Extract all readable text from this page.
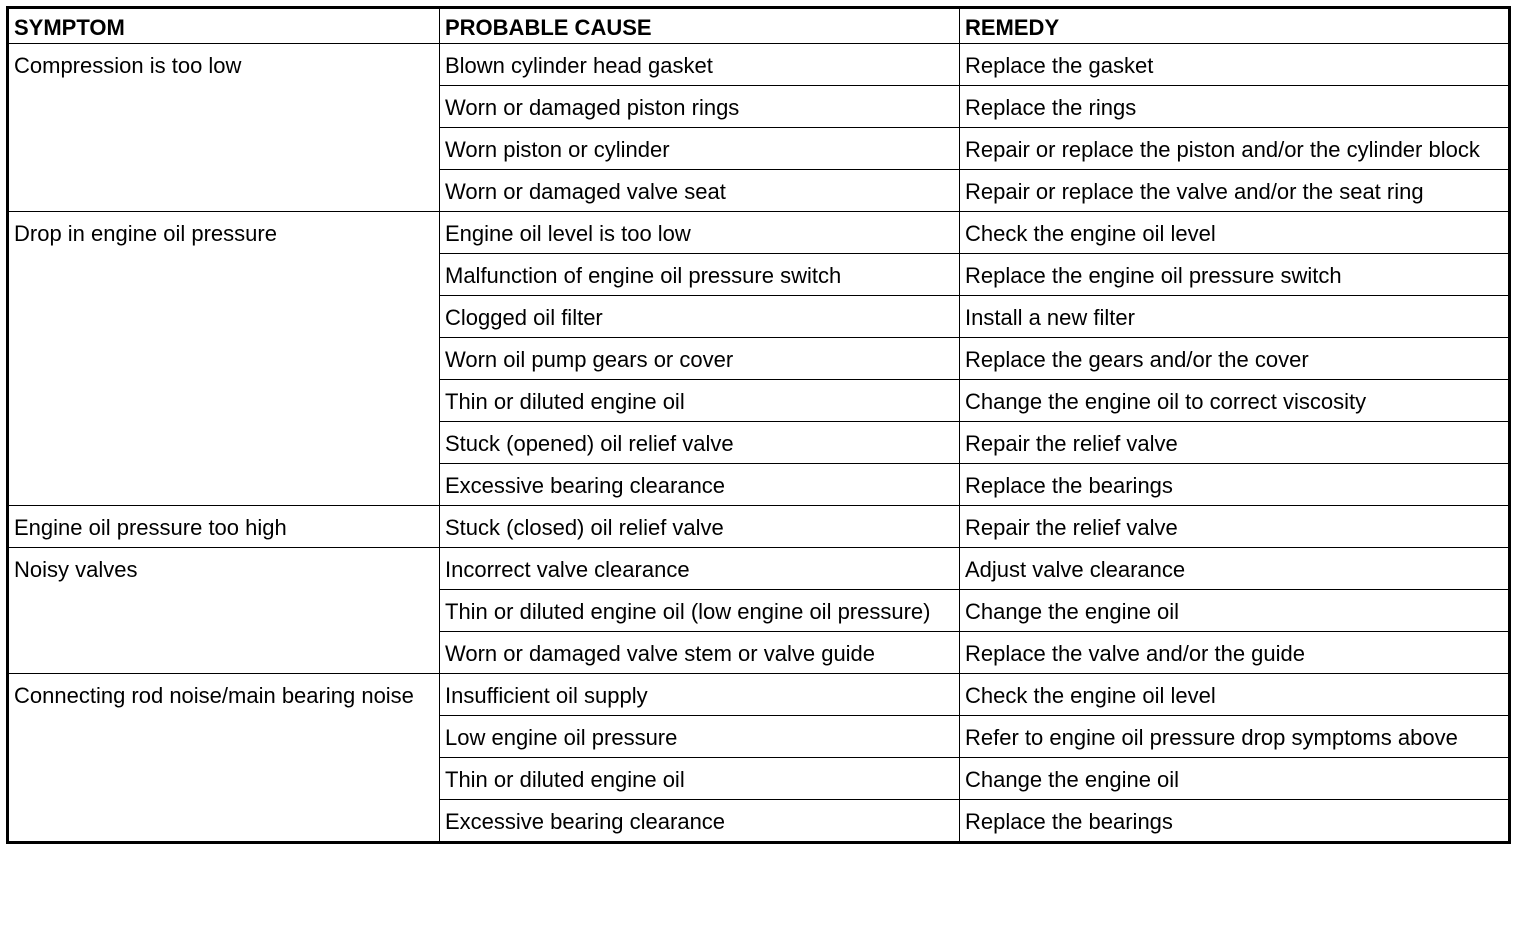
SYMPTOM	PROBABLE CAUSE	REMEDY
Compression is too low	Blown cylinder head gasket	Replace the gasket
	Worn or damaged piston rings	Replace the rings
	Worn piston or cylinder	Repair or replace the piston and/or the cylinder block
	Worn or damaged valve seat	Repair or replace the valve and/or the seat ring
Drop in engine oil pressure	Engine oil level is too low	Check the engine oil level
	Malfunction of engine oil pressure switch	Replace the engine oil pressure switch
	Clogged oil filter	Install a new filter
	Worn oil pump gears or cover	Replace the gears and/or the cover
	Thin or diluted engine oil	Change the engine oil to correct viscosity
	Stuck (opened) oil relief valve	Repair the relief valve
	Excessive bearing clearance	Replace the bearings
Engine oil pressure too high	Stuck (closed) oil relief valve	Repair the relief valve
Noisy valves	Incorrect valve clearance	Adjust valve clearance
	Thin or diluted engine oil (low engine oil pressure)	Change the engine oil
	Worn or damaged valve stem or valve guide	Replace the valve and/or the guide
Connecting rod noise/main bearing noise	Insufficient oil supply	Check the engine oil level
	Low engine oil pressure	Refer to engine oil pressure drop symptoms above
	Thin or diluted engine oil	Change the engine oil
	Excessive bearing clearance	Replace the bearings
